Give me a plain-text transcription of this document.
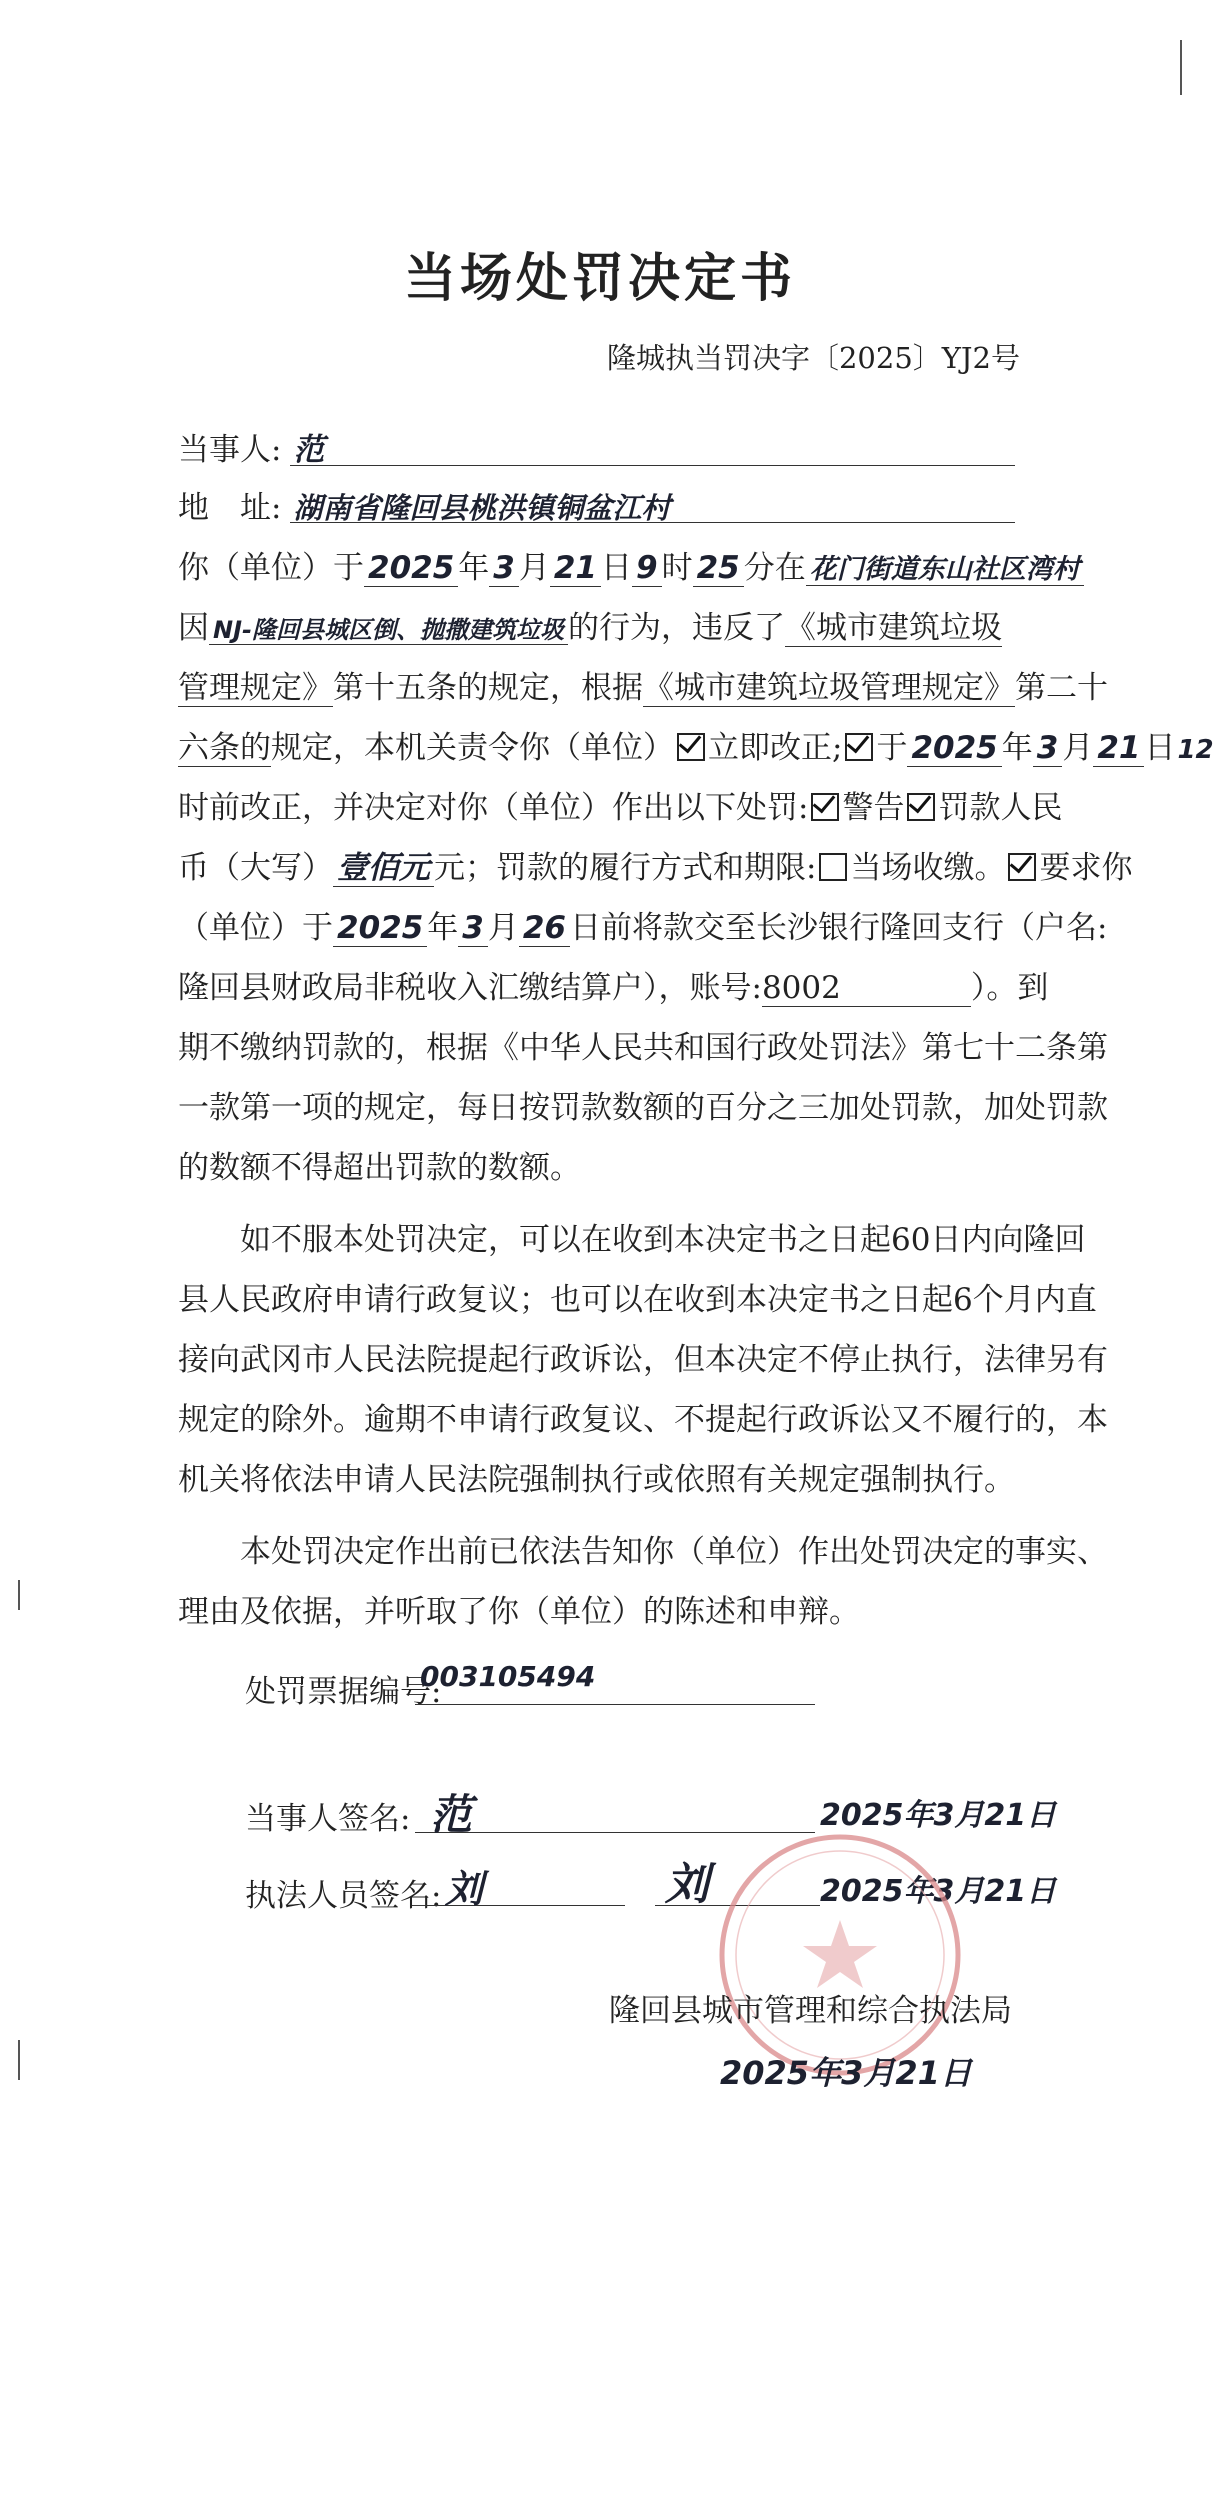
当场处罚决定书
隆城执当罚决字〔2025〕YJ2号
当事人: 范
地　址: 湖南省隆回县桃洪镇铜盆江村
你（单位）于 2025 年 3 月 21 日 9 时 25 分在 花门街道东山社区湾村
因 NJ-隆回县城区倒、抛撒建筑垃圾 的行为，违反了《城市建筑垃圾
管理规定》第十五条的规定，根据《城市建筑垃圾管理规定》第二十
六条的规定，本机关责令你（单位） 立即改正; 于 2025 年 3 月 21 日12
时前改正，并决定对你（单位）作出以下处罚: 警告 罚款人民
币（大写） 壹佰元 元；罚款的履行方式和期限: 当场收缴。 要求你
（单位）于 2025 年 3 月 26 日前将款交至长沙银行隆回支行（户名:
隆回县财政局非税收入汇缴结算户），账号:8002	）。到
期不缴纳罚款的，根据《中华人民共和国行政处罚法》第七十二条第
一款第一项的规定，每日按罚款数额的百分之三加处罚款，加处罚款
的数额不得超出罚款的数额。
　　如不服本处罚决定，可以在收到本决定书之日起60日内向隆回
县人民政府申请行政复议；也可以在收到本决定书之日起6个月内直
接向武冈市人民法院提起行政诉讼，但本决定不停止执行，法律另有
规定的除外。逾期不申请行政复议、不提起行政诉讼又不履行的，本
机关将依法申请人民法院强制执行或依照有关规定强制执行。
　　本处罚决定作出前已依法告知你（单位）作出处罚决定的事实、
理由及依据，并听取了你（单位）的陈述和申辩。
处罚票据编号:
003105494
当事人签名: 范	2025年3月21日
执法人员签名: 刘	刘	2025年3月21日
隆回县城市管理和综合执法局
2025年3月21日
